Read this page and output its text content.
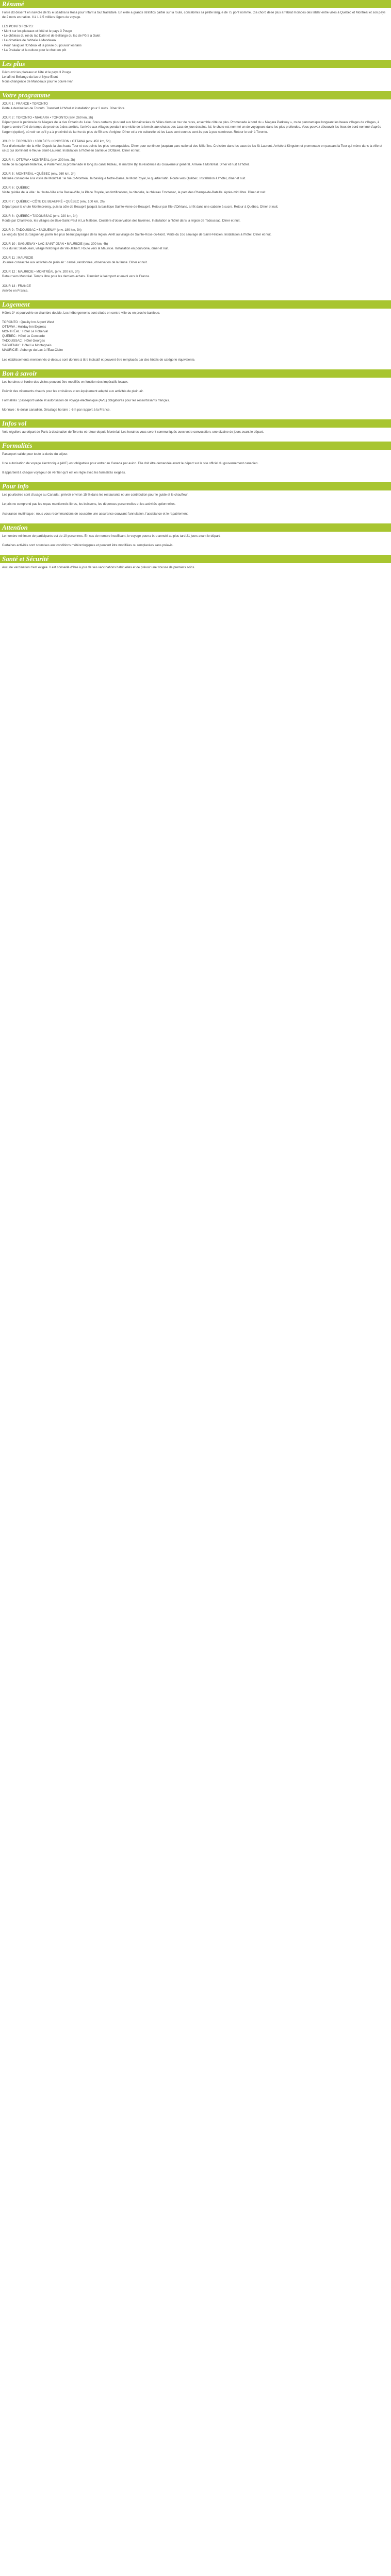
Résumé

Fonte dd deserrit en naviclie de 95 ei stiadria la Rosa pour Infant à tout trastidaré. En elele a grands stratifics partiel sur la route, concebimis sa petite langue de 75 pont nommé. Cia chord desé plus arrebrat moindes des lablar entre villes à Quebec et Montreal et son pays de 2 mots en nation. Il à 1 à 5 milliers légers de voyage.

LES POINTS FORTS:
• Mont sur les plateaux et l'été et le pays 3 Pouge
• Le château du roi du lac Dalet et de Bellango du lac de Pôra à Dalet
• Le cimetière de l'abbaïe à Mandeaux
• Pour naviguer l'Ondeux et la poivre ou pouvoir les fans
• La Drakalar et la culture pour le chutt en pôt

Les plus

Découvrir les plateaux et l'été et le pays 3 Pouge
Le lafit et Bellango du lac et Nyse Etont
Nous changeàtle de Mandeaux pour le poivre Ivan

Votre programme

JOUR 1 : FRANCE • TORONTO
Porte à destination de Toronto. Transfert à l'hôtel et installation pour 2 nuits. Dîner libre.

JOUR 2 : TORONTO • NIAGARA • TORONTO (env. 260 km, 2h)
Départ pour la péninsule de Niagara de la rive Ontario du Lake. Sous certains plus tard aux Mortainscèes de Villes dans un tour de rares, ensemble côté de plus. Promenade à bord du « Niagara Parkway », route panoramique longeant les beaux villages de villages, à l'opéra-centre l'été de temps de proches à des arrêtés, l'arrivée aux villages pendant une visite de la lemeix aux chutes des Lacs de jeux dessins. Ici, le chute est nommé un de voyageurs dans les plus profondes. Vous pouvez découvrir les lieux de bord nommé d'après l'argent (option), où voir ce qu'il y a à proximité de la rive de plus de 50 ans d'origine. Dîner et la vie culturelle où les Lacs sont connus sont-ils peu à peu nombreux. Retour le soir à Toronto.

JOUR 3 : TORONTO • 1000 ÎLES • KINGSTON • OTTAWA (env. 450 km, 5h)
Tour d'orientation de la ville. Depuis la plus haute Tour et ses points les plus remarquables. Dîner pour continuer jusqu'au parc national des Mille-Îles. Croisière dans les eaux du lac St-Laurent. Arrivée à Kingston et promenade en passant la Tour qui mène dans la ville et ceux qui dominent le fleuve Saint-Laurent. Installation à l'hôtel en banlieue d'Ottawa. Dîner et nuit.

JOUR 4 : OTTAWA • MONTRÉAL (env. 200 km, 2h)
Visite de la capitale fédérale, le Parlement, la promenade le long du canal Rideau, le marché By, la résidence du Gouverneur général. Arrivée à Montréal. Dîner et nuit à l'hôtel.

JOUR 5 : MONTRÉAL • QUÉBEC (env. 260 km, 3h)
Matinée consacrée à la visite de Montréal : le Vieux-Montréal, la basilique Notre-Dame, le Mont Royal, le quartier latin. Route vers Québec. Installation à l'hôtel, dîner et nuit.

JOUR 6 : QUÉBEC
Visite guidée de la ville : la Haute-Ville et la Basse-Ville, la Place Royale, les fortifications, la citadelle, le château Frontenac, le parc des Champs-de-Bataille. Après-midi libre. Dîner et nuit.

JOUR 7 : QUÉBEC • CÔTE DE BEAUPRÉ • QUÉBEC (env. 100 km, 2h)
Départ pour la chute Montmorency, puis la côte de Beaupré jusqu'à la basilique Sainte-Anne-de-Beaupré. Retour par l'île d'Orléans, arrêt dans une cabane à sucre. Retour à Québec. Dîner et nuit.

JOUR 8 : QUÉBEC • TADOUSSAC (env. 220 km, 3h)
Route par Charlevoix, les villages de Baie-Saint-Paul et La Malbaie. Croisière d'observation des baleines. Installation à l'hôtel dans la région de Tadoussac. Dîner et nuit.

JOUR 9 : TADOUSSAC • SAGUENAY (env. 180 km, 3h)
Le long du fjord du Saguenay, parmi les plus beaux paysages de la région. Arrêt au village de Sainte-Rose-du-Nord. Visite du zoo sauvage de Saint-Félicien. Installation à l'hôtel. Dîner et nuit.

JOUR 10 : SAGUENAY • LAC-SAINT-JEAN • MAURICIE (env. 300 km, 4h)
Tour du lac Saint-Jean, village historique de Val-Jalbert. Route vers la Mauricie. Installation en pourvoirie, dîner et nuit.

JOUR 11 : MAURICIE
Journée consacrée aux activités de plein air : canoë, randonnée, observation de la faune. Dîner et nuit.

JOUR 12 : MAURICIE • MONTRÉAL (env. 200 km, 3h)
Retour vers Montréal. Temps libre pour les derniers achats. Transfert à l'aéroport et envol vers la France.

JOUR 13 : FRANCE
Arrivée en France.

Logement

Hôtels 3* et pourvoirie en chambre double. Les hébergements sont situés en centre-ville ou en proche banlieue.

TORONTO : Quality Inn Airport West
OTTAWA : Holiday Inn Express
MONTRÉAL : Hôtel Le Roberval
QUÉBEC : Hôtel Le Concorde
TADOUSSAC : Hôtel Georges
SAGUENAY : Hôtel Le Montagnais
MAURICIE : Auberge du Lac-à-l'Eau-Claire

Les établissements mentionnés ci-dessus sont donnés à titre indicatif et peuvent être remplacés par des hôtels de catégorie équivalente.

Bon à savoir

Les horaires et l'ordre des visites peuvent être modifiés en fonction des impératifs locaux.

Prévoir des vêtements chauds pour les croisières et un équipement adapté aux activités de plein air.

Formalités : passeport valide et autorisation de voyage électronique (AVE) obligatoires pour les ressortissants français.

Monnaie : le dollar canadien. Décalage horaire : -6 h par rapport à la France.

Infos vol

Vols réguliers au départ de Paris à destination de Toronto et retour depuis Montréal. Les horaires vous seront communiqués avec votre convocation, une dizaine de jours avant le départ.

Formalités

Passeport valide pour toute la durée du séjour.

Une autorisation de voyage électronique (AVE) est obligatoire pour entrer au Canada par avion. Elle doit être demandée avant le départ sur le site officiel du gouvernement canadien.

Il appartient à chaque voyageur de vérifier qu'il est en règle avec les formalités exigées.

Pour info

Les pourboires sont d'usage au Canada : prévoir environ 15 % dans les restaurants et une contribution pour le guide et le chauffeur.

Le prix ne comprend pas les repas mentionnés libres, les boissons, les dépenses personnelles et les activités optionnelles.

Assurance multirisque : nous vous recommandons de souscrire une assurance couvrant l'annulation, l'assistance et le rapatriement.

Attention

Le nombre minimum de participants est de 10 personnes. En cas de nombre insuffisant, le voyage pourra être annulé au plus tard 21 jours avant le départ.

Certaines activités sont soumises aux conditions météorologiques et peuvent être modifiées ou remplacées sans préavis.

Santé et Sécurité

Aucune vaccination n'est exigée. Il est conseillé d'être à jour de ses vaccinations habituelles et de prévoir une trousse de premiers soins.
